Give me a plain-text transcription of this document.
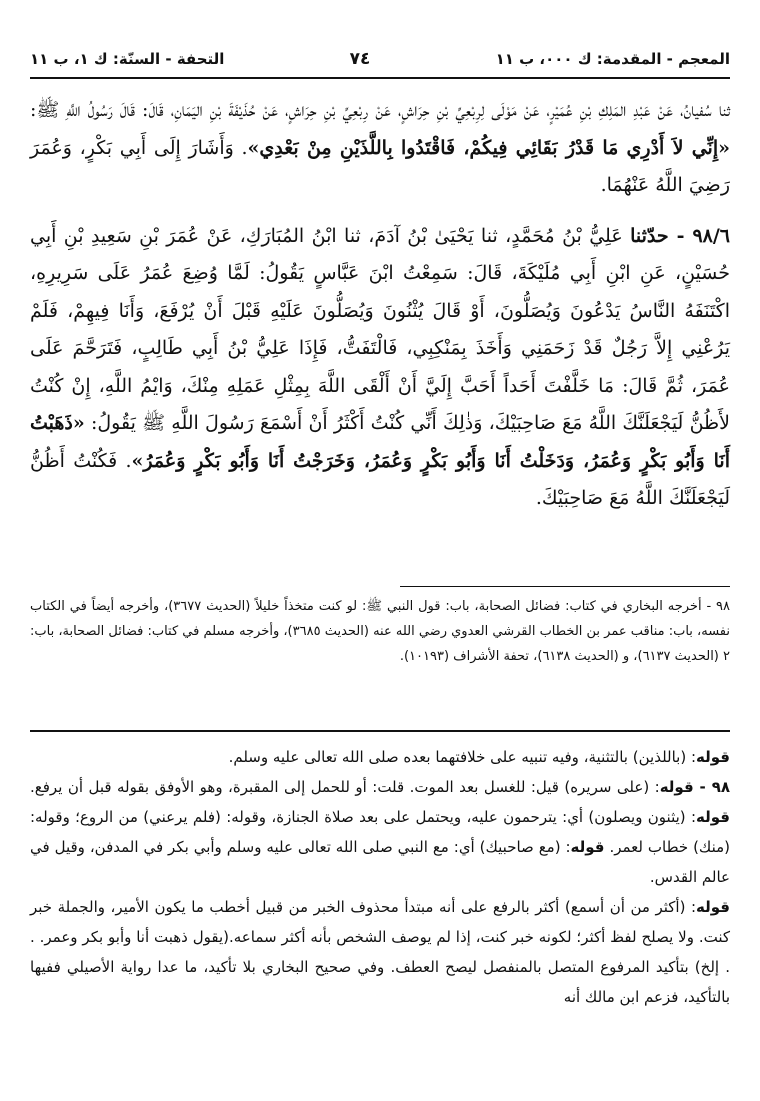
المعجم - المقدمة: ك ٠٠٠، ب ١١
٧٤
التحفة - السنّة: ك ١، ب ١١

ثنا سُفيانُ، عَنْ عَبْدِ المَلِكِ بْنِ عُمَيْرٍ، عَنْ مَوْلَى لِرِبْعِيِّ بْنِ حِرَاشٍ، عَنْ رِبْعِيِّ بْنِ حِرَاشٍ، عَنْ حُذَيْفَةَ بْنِ اليَمَانِ، قَالَ: قَالَ رَسُولُ اللَّهِ ﷺ: «إِنِّي لاَ أَدْرِي مَا قَدْرُ بَقَائِي فِيكُمْ، فَاقْتَدُوا بِاللَّذَيْنِ مِنْ بَعْدِي». وَأَشَارَ إِلَى أَبِي بَكْرٍ، وَعُمَرَ رَضِيَ اللَّهُ عَنْهُمَا.

٩٨/٦ - حدّثنا عَلِيُّ بْنُ مُحَمَّدٍ، ثنا يَحْيَىٰ بْنُ آدَمَ، ثنا ابْنُ المُبَارَكِ، عَنْ عُمَرَ بْنِ سَعِيدِ بْنِ أَبِي حُسَيْنٍ، عَنِ ابْنِ أَبِي مُلَيْكَةَ، قَالَ: سَمِعْتُ ابْنَ عَبَّاسٍ يَقُولُ: لَمَّا وُضِعَ عُمَرُ عَلَى سَرِيرِهِ، اكْتَنَفَهُ النَّاسُ يَدْعُونَ وَيُصَلُّونَ، أَوْ قَالَ يُثْنُونَ وَيُصَلُّونَ عَلَيْهِ قَبْلَ أَنْ يُرْفَعَ، وَأَنَا فِيهِمْ، فَلَمْ يَرُعْنِي إِلاَّ رَجُلٌ قَدْ زَحَمَنِي وَأَخَذَ بِمَنْكِبِي، فَالْتَفَتُّ، فَإِذَا عَلِيُّ بْنُ أَبِي طَالِبٍ، فَتَرَحَّمَ عَلَى عُمَرَ، ثُمَّ قَالَ: مَا خَلَّفْتَ أَحَداً أَحَبَّ إِلَيَّ أَنْ أَلْقَى اللَّهَ بِمِثْلِ عَمَلِهِ مِنْكَ، وَايْمُ اللَّهِ، إِنْ كُنْتُ لأَظُنُّ لَيَجْعَلَنَّكَ اللَّهُ مَعَ صَاحِبَيْكَ، وَذٰلِكَ أَنِّي كُنْتُ أَكْثَرُ أَنْ أَسْمَعَ رَسُولَ اللَّهِ ﷺ يَقُولُ: «ذَهَبْتُ أَنَا وَأَبُو بَكْرٍ وَعُمَرُ، وَدَخَلْتُ أَنَا وَأَبُو بَكْرٍ وَعُمَرُ، وَخَرَجْتُ أَنَا وَأَبُو بَكْرٍ وَعُمَرُ». فَكُنْتُ أَظُنُّ لَيَجْعَلَنَّكَ اللَّهُ مَعَ صَاحِبَيْكَ.

٩٨ - أخرجه البخاري في كتاب: فضائل الصحابة، باب: قول النبي ﷺ: لو كنت متخذاً خليلاً (الحديث ٣٦٧٧)، وأخرجه أيضاً في الكتاب نفسه، باب: مناقب عمر بن الخطاب القرشي العدوي رضي الله عنه (الحديث ٣٦٨٥)، وأخرجه مسلم في كتاب: فضائل الصحابة، باب: ٢ (الحديث ٦١٣٧)، و (الحديث ٦١٣٨)، تحفة الأشراف (١٠١٩٣).

قوله: (باللذين) بالتثنية، وفيه تنبيه على خلافتهما بعده صلى الله تعالى عليه وسلم.

٩٨ - قوله: (على سريره) قيل: للغسل بعد الموت. قلت: أو للحمل إلى المقبرة، وهو الأوفق بقوله قبل أن يرفع. قوله: (يثنون ويصلون) أي: يترحمون عليه، ويحتمل على بعد صلاة الجنازة، وقوله: (فلم يرعني) من الروع؛ وقوله: (منك) خطاب لعمر. قوله: (مع صاحبيك) أي: مع النبي صلى الله تعالى عليه وسلم وأبي بكر في المدفن، وقيل في عالم القدس.

قوله: (أكثر من أن أسمع) أكثر بالرفع على أنه مبتدأ محذوف الخبر من قبيل أخطب ما يكون الأمير، والجملة خبر كنت. ولا يصلح لفظ أكثر؛ لكونه خبر كنت، إذا لم يوصف الشخص بأنه أكثر سماعه.(يقول ذهبت أنا وأبو بكر وعمر. . . إلخ) بتأكيد المرفوع المتصل بالمنفصل ليصح العطف. وفي صحيح البخاري بلا تأكيد، ما عدا رواية الأصيلي ففيها بالتأكيد، فزعم ابن مالك أنه
